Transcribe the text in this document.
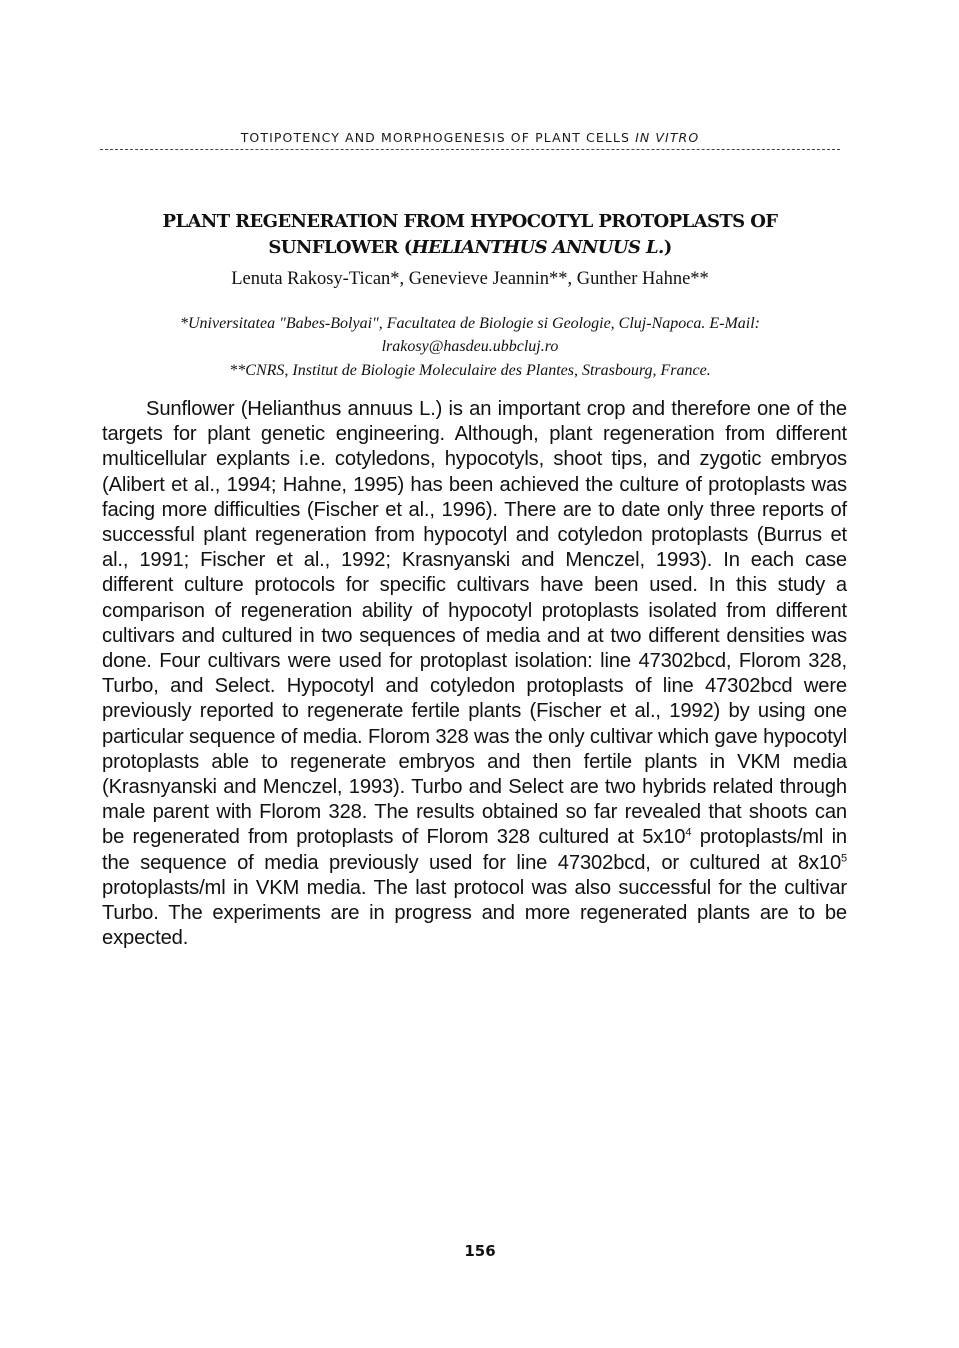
TOTIPOTENCY AND MORPHOGENESIS OF PLANT CELLS IN VITRO
PLANT REGENERATION FROM HYPOCOTYL PROTOPLASTS OF
SUNFLOWER (HELIANTHUS ANNUUS L.)
Lenuta Rakosy-Tican*, Genevieve Jeannin**, Gunther Hahne**
*Universitatea "Babes-Bolyai", Facultatea de Biologie si Geologie, Cluj-Napoca. E-Mail: lrakosy@hasdeu.ubbcluj.ro
**CNRS, Institut de Biologie Moleculaire des Plantes, Strasbourg, France.

Sunflower (Helianthus annuus L.) is an important crop and therefore one of the targets for plant genetic engineering. Although, plant regeneration from different multicellular explants i.e. cotyledons, hypocotyls, shoot tips, and zygotic embryos (Alibert et al., 1994; Hahne, 1995) has been achieved the culture of protoplasts was facing more difficulties (Fischer et al., 1996). There are to date only three reports of successful plant regeneration from hypocotyl and cotyledon protoplasts (Burrus et al., 1991; Fischer et al., 1992; Krasnyanski and Menczel, 1993). In each case different culture protocols for specific cultivars have been used. In this study a comparison of regeneration ability of hypocotyl protoplasts isolated from different cultivars and cultured in two sequences of media and at two different densities was done. Four cultivars were used for protoplast isolation: line 47302bcd, Florom 328, Turbo, and Select. Hypocotyl and cotyledon protoplasts of line 47302bcd were previously reported to regenerate fertile plants (Fischer et al., 1992) by using one particular sequence of media. Florom 328 was the only cultivar which gave hypocotyl protoplasts able to regenerate embryos and then fertile plants in VKM media (Krasnyanski and Menczel, 1993). Turbo and Select are two hybrids related through male parent with Florom 328. The results obtained so far revealed that shoots can be regenerated from protoplasts of Florom 328 cultured at $5x10^4$ protoplasts/ml in the sequence of media previously used for line 47302bcd, or cultured at $8x10^5$ protoplasts/ml in VKM media. The last protocol was also successful for the cultivar Turbo. The experiments are in progress and more regenerated plants are to be expected.

156
